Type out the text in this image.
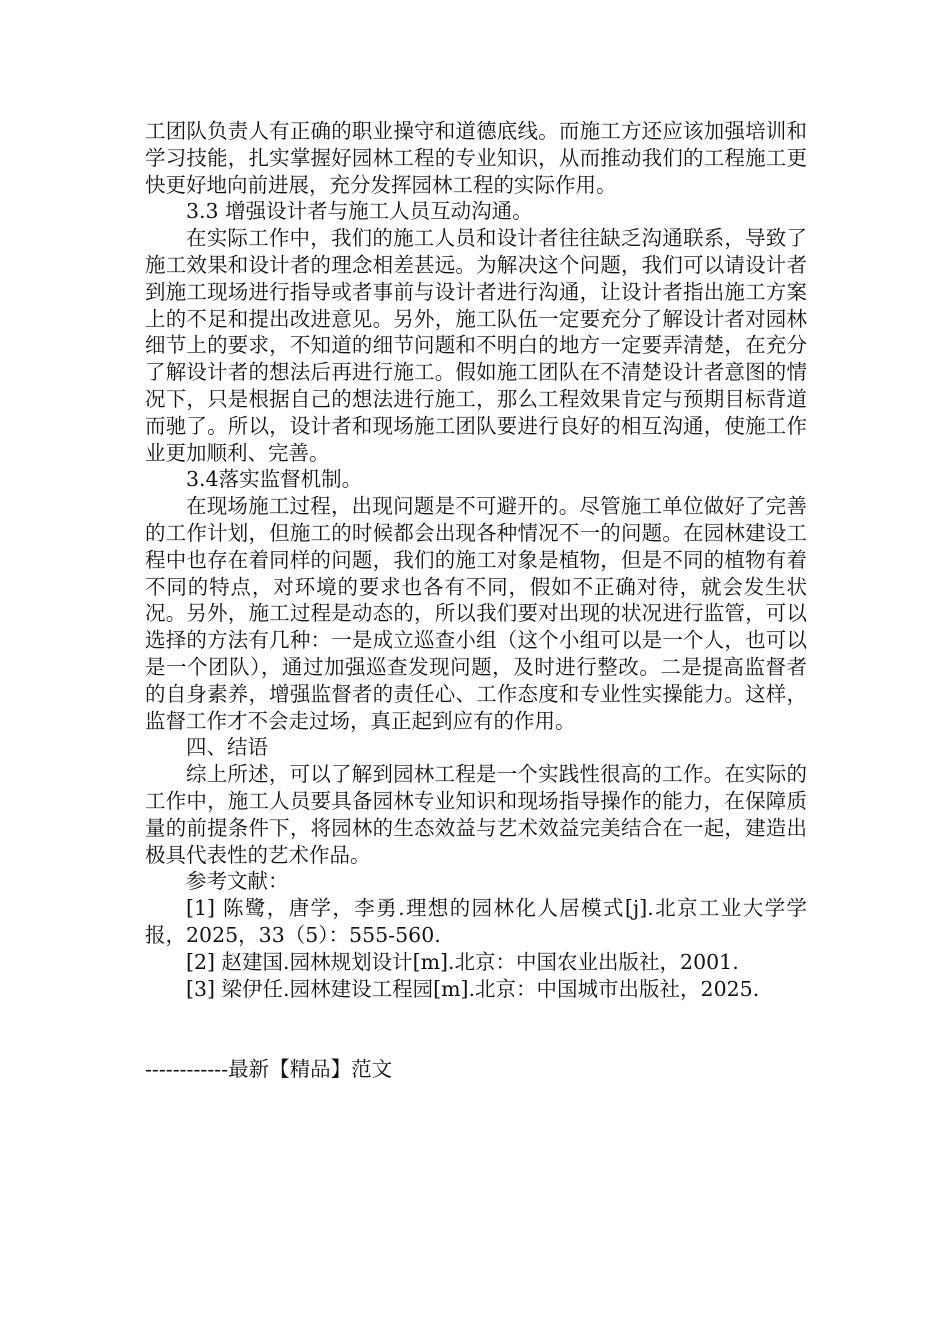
工团队负责人有正确的职业操守和道德底线。而施工方还应该加强培训和学习技能，扎实掌握好园林工程的专业知识，从而推动我们的工程施工更快更好地向前进展，充分发挥园林工程的实际作用。

3.3 增强设计者与施工人员互动沟通。

在实际工作中，我们的施工人员和设计者往往缺乏沟通联系，导致了施工效果和设计者的理念相差甚远。为解决这个问题，我们可以请设计者到施工现场进行指导或者事前与设计者进行沟通，让设计者指出施工方案上的不足和提出改进意见。另外，施工队伍一定要充分了解设计者对园林细节上的要求，不知道的细节问题和不明白的地方一定要弄清楚，在充分了解设计者的想法后再进行施工。假如施工团队在不清楚设计者意图的情况下，只是根据自己的想法进行施工，那么工程效果肯定与预期目标背道而驰了。所以，设计者和现场施工团队要进行良好的相互沟通，使施工作业更加顺利、完善。

3.4落实监督机制。

在现场施工过程，出现问题是不可避开的。尽管施工单位做好了完善的工作计划，但施工的时候都会出现各种情况不一的问题。在园林建设工程中也存在着同样的问题，我们的施工对象是植物，但是不同的植物有着不同的特点，对环境的要求也各有不同，假如不正确对待，就会发生状况。另外，施工过程是动态的，所以我们要对出现的状况进行监管，可以选择的方法有几种：一是成立巡查小组（这个小组可以是一个人，也可以是一个团队），通过加强巡查发现问题，及时进行整改。二是提高监督者的自身素养，增强监督者的责任心、工作态度和专业性实操能力。这样，监督工作才不会走过场，真正起到应有的作用。

四、结语

综上所述，可以了解到园林工程是一个实践性很高的工作。在实际的工作中，施工人员要具备园林专业知识和现场指导操作的能力，在保障质量的前提条件下，将园林的生态效益与艺术效益完美结合在一起，建造出极具代表性的艺术作品。

参考文献：

[1] 陈鹭，唐学，李勇.理想的园林化人居模式[j].北京工业大学学报，2025，33（5）：555-560.

[2] 赵建国.园林规划设计[m].北京：中国农业出版社，2001.

[3] 梁伊任.园林建设工程园[m].北京：中国城市出版社，2025.

------------最新【精品】范文
